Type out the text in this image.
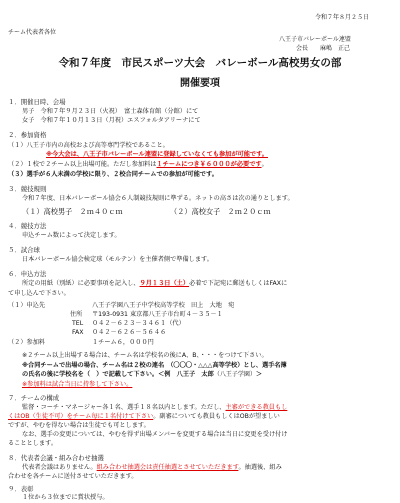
令和７年８月２５日
チーム代表者各位
八王子市バレーボール連盟
会長　　麻嶋　正己
令和７年度　市民スポーツ大会　バレーボール高校男女の部
開催要項
１．開催日時、会場
男子　令和７年９月２３日（火祝）　富士森体育館（分館）にて
女子　令和７年１０月１３日（月祝）エスフォルタアリーナにて
２．参加資格
（１）八王子市内の高校および高等専門学校であること。
※今大会は、八王子市バレーボール連盟に登録していなくても参加が可能です。
（２）１校で２チーム以上出場可能。ただし参加料は１チームにつき￥６０００が必要です。
（３）選手が６人未満の学校に限り、２校合同チームでの参加が可能です。
３．競技規則
令和７年度、日本バレーボール協会６人制競技規則に準ずる。ネットの高さは次の通りとします。
（１）高校男子　 ２ｍ４０ｃｍ	（２）高校女子　 ２ｍ２０ｃｍ
４．競技方法
申込チーム数によって決定します。
５．試合球
日本バレーボール協会検定球（モルテン）を主催者側で準備します。
６．申込方法
所定の用紙（別紙）に必要事項を記入し、９月１３日（土）必着で下記宛に郵送もしくはFAXに
て申し込んで下さい。
（１）申込先	八王子学園八王子中学校高等学校　田上　大地　宛
住所 〒193-0931 東京都八王子市台町４－３５－１
TEL ０４２－６２３－３４６１（代）
FAX ０４２－６２６－５６４６
（２）参加料	１チーム６，０００円
※２チーム以上出場する場合は、チーム名は学校名の後にA、B、・・・をつけて下さい。
※合同チームで出場の場合、チーム名は２校の連名　（〇〇〇・△△△高等学校）とし、選手名簿
の氏名の後に学校名を（　）で記載して下さい。＜例　八王子　太郎（八王子学園）＞
※参加料は試合当日に持参して下さい。
７．チームの構成
監督・コーチ・マネージャー各１名、選手１８名以内とします。ただし、主審ができる教員もし
くはOB（生徒不可）をチーム毎に１名付けて下さい。副審についても教員もしくはOBが望ましい
ですが、やむを得ない場合は生徒でも可とします。
なお、選手の変更については、やむを得ず出場メンバーを変更する場合は当日に変更を受け付け
ることとします。
８．代表者会議・組み合わせ抽選
代表者会議はありません。組み合わせ抽選会は責任抽選とさせていただきます。抽選後、組み
合わせを各チームに送付させていただきます。
９．表彰
１位から３位までに賞状授与。
